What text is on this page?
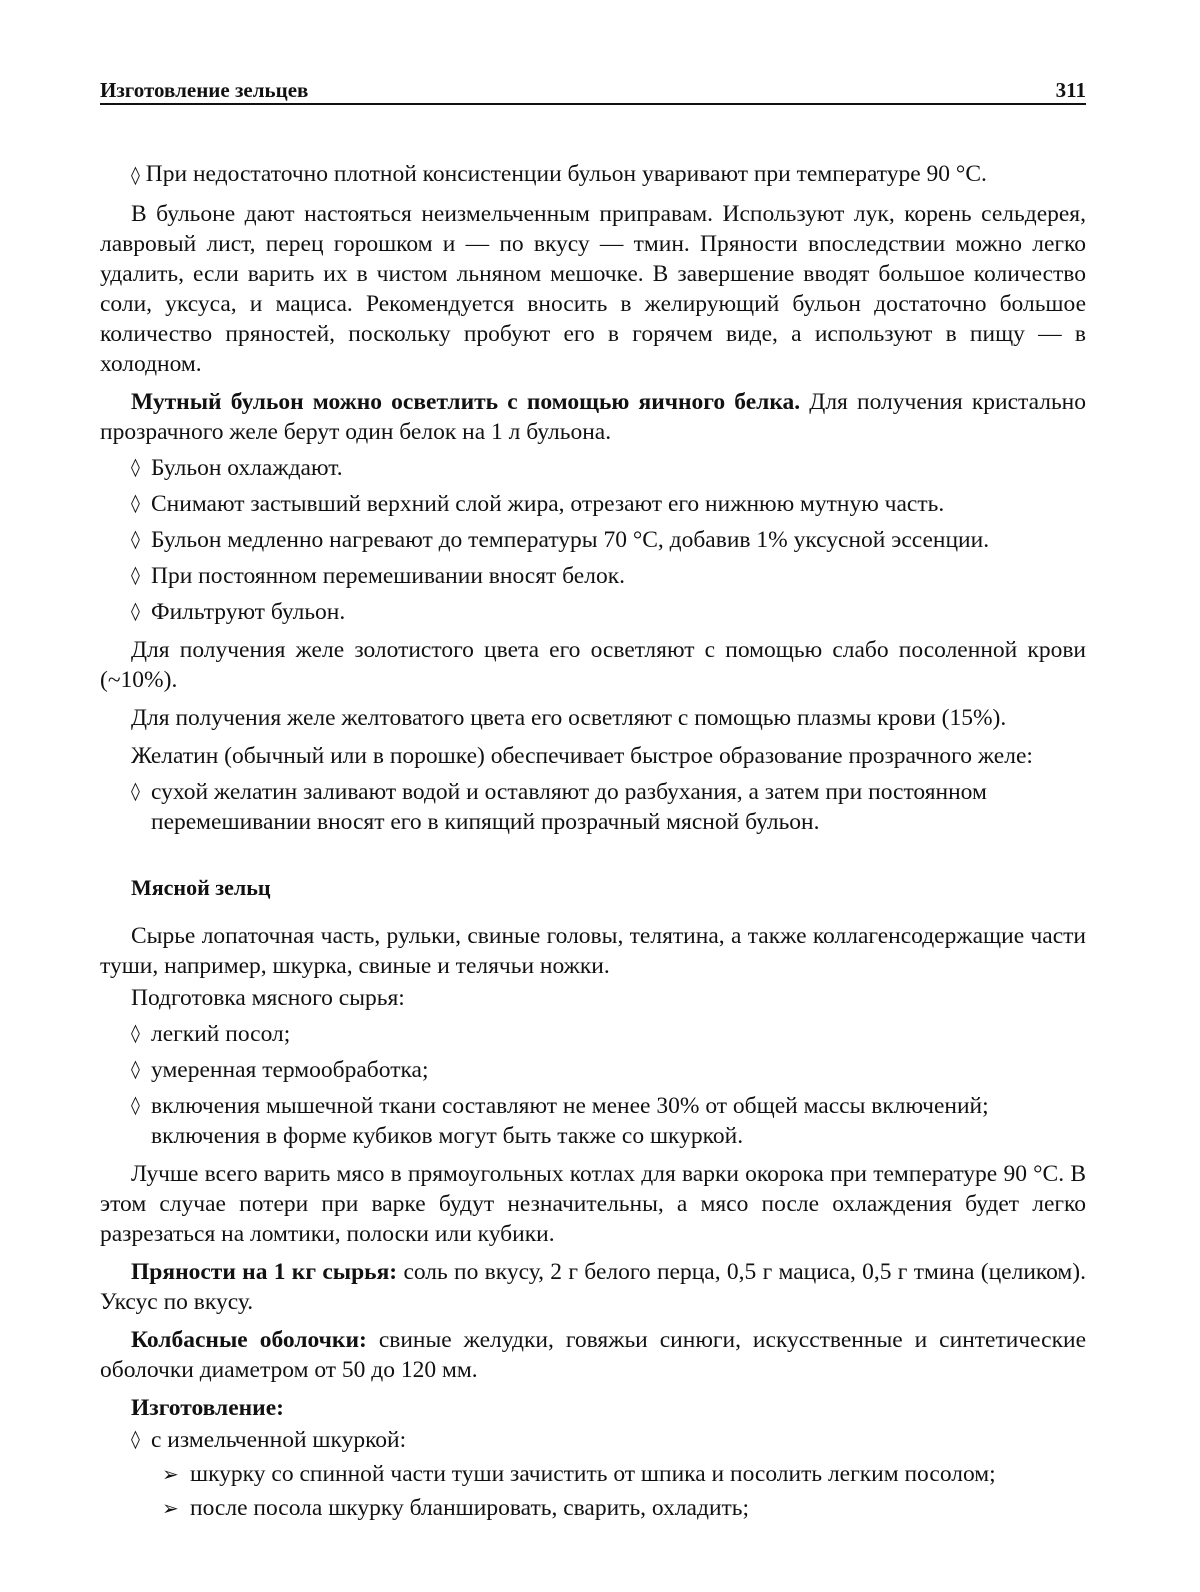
Изготовление зельцев	311

◊ При недостаточно плотной консистенции бульон уваривают при температуре 90 °С.

В бульоне дают настояться неизмельченным приправам. Используют лук, корень сельдерея, лавровый лист, перец горошком и — по вкусу — тмин. Пряности впоследствии можно легко удалить, если варить их в чистом льняном мешочке. В завершение вводят большое количество соли, уксуса, и мациса. Рекомендуется вносить в желирующий бульон достаточно большое количество пряностей, поскольку пробуют его в горячем виде, а используют в пищу — в холодном.

Мутный бульон можно осветлить с помощью яичного белка. Для получения кристально прозрачного желе берут один белок на 1 л бульона.

◊ Бульон охлаждают.
◊ Снимают застывший верхний слой жира, отрезают его нижнюю мутную часть.
◊ Бульон медленно нагревают до температуры 70 °С, добавив 1% уксусной эссенции.
◊ При постоянном перемешивании вносят белок.
◊ Фильтруют бульон.

Для получения желе золотистого цвета его осветляют с помощью слабо посоленной крови (~10%).

Для получения желе желтоватого цвета его осветляют с помощью плазмы крови (15%).

Желатин (обычный или в порошке) обеспечивает быстрое образование прозрачного желе:

◊ сухой желатин заливают водой и оставляют до разбухания, а затем при постоянном перемешивании вносят его в кипящий прозрачный мясной бульон.

Мясной зельц

Сырье лопаточная часть, рульки, свиные головы, телятина, а также коллагенсодержащие части туши, например, шкурка, свиные и телячьи ножки.

Подготовка мясного сырья:

◊ легкий посол;
◊ умеренная термообработка;
◊ включения мышечной ткани составляют не менее 30% от общей массы включений; включения в форме кубиков могут быть также со шкуркой.

Лучше всего варить мясо в прямоугольных котлах для варки окорока при температуре 90 °С. В этом случае потери при варке будут незначительны, а мясо после охлаждения будет легко разрезаться на ломтики, полоски или кубики.

Пряности на 1 кг сырья: соль по вкусу, 2 г белого перца, 0,5 г мациса, 0,5 г тмина (целиком). Уксус по вкусу.

Колбасные оболочки: свиные желудки, говяжьи синюги, искусственные и синтетические оболочки диаметром от 50 до 120 мм.

Изготовление:

◊ с измельченной шкуркой:
➢ шкурку со спинной части туши зачистить от шпика и посолить легким посолом;
➢ после посола шкурку бланшировать, сварить, охладить;
